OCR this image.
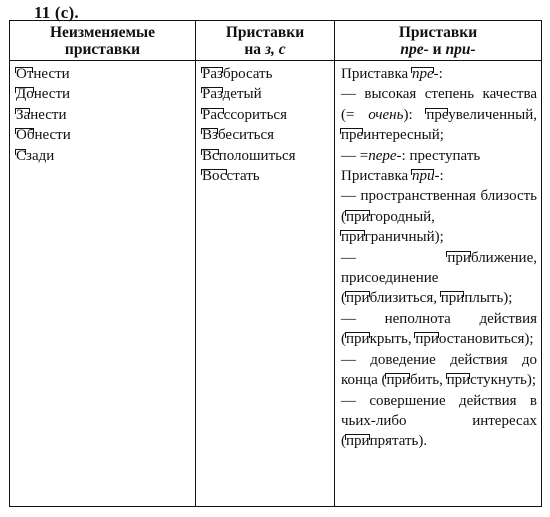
11 (с).
Неизменяемые
приставки
Приставки
на з, с
Приставки
пре- и при-
Отнести
Донести
Занести
Обнести
Сзади
Разбросать
Раздетый
Расссориться
Взбеситься
Всполошиться
Восстать
Приставка пре-:
— высокая степень качества (= очень): преувеличенный, преинтересный;
— =пере-: преступать
Приставка при-:
— пространственная близость (пригородный, приграничный);
— приближение, присоединение (приблизиться, приплыть);
— неполнота действия (прикрыть, приостановиться);
— доведение действия до конца (прибить, пристукнуть);
— совершение действия в чьих-либо интересах (припрятать).
